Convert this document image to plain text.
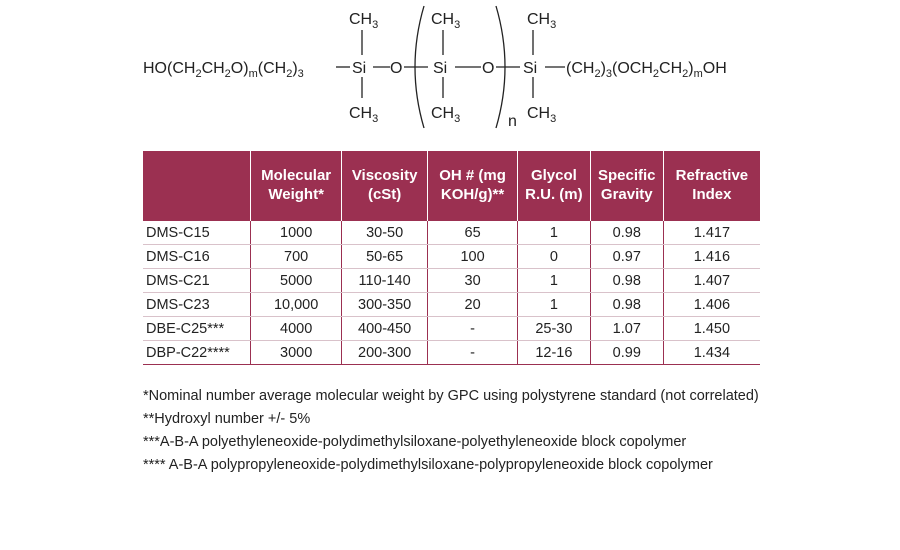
$HO(CH_2CH_2O)_m(CH_2)_3$	Si
$CH_3$
$CH_3$
O Si
$CH_3$
$CH_3$
O
n
Si
$CH_3$
$CH_3$
$(CH_2)_3(OCH_2CH_2)_mOH$
	Molecular Weight*	Viscosity (cSt)	OH # (mg KOH/g)**	Glycol R.U. (m)	Specific Gravity	Refractive Index
DMS-C15	1000	30-50	65	1	0.98	1.417
DMS-C16	700	50-65	100	0	0.97	1.416
DMS-C21	5000	110-140	30	1	0.98	1.407
DMS-C23	10,000	300-350	20	1	0.98	1.406
DBE-C25***	4000	400-450	-	25-30	1.07	1.450
DBP-C22****	3000	200-300	-	12-16	0.99	1.434

*Nominal number average molecular weight by GPC using polystyrene standard (not correlated)

**Hydroxyl number +/- 5%

***A-B-A polyethyleneoxide-polydimethylsiloxane-polyethyleneoxide block copolymer

**** A-B-A polypropyleneoxide-polydimethylsiloxane-polypropyleneoxide block copolymer
